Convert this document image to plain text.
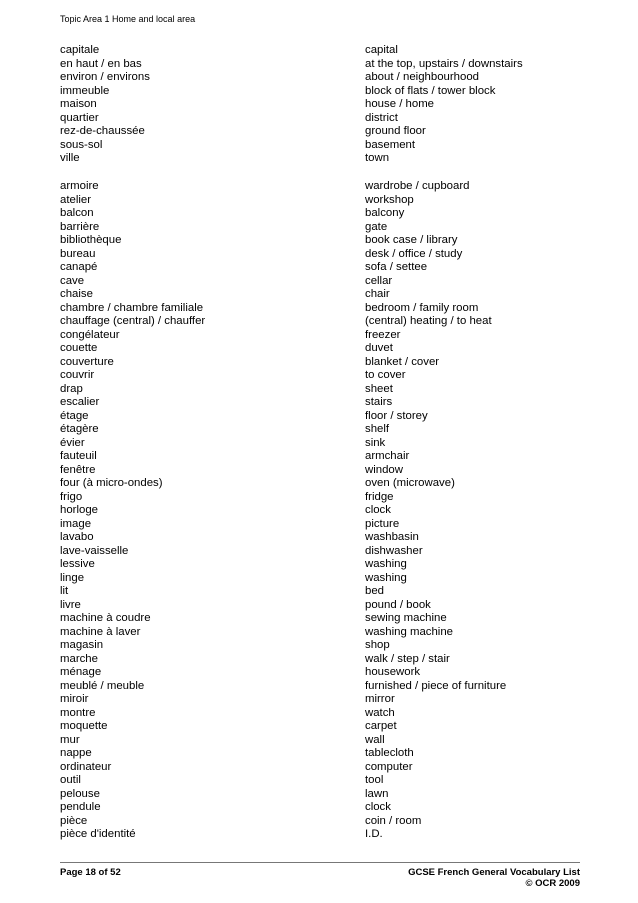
Topic Area 1 Home and local area
capitale	capital
en haut / en bas	at the top, upstairs / downstairs
environ / environs	about / neighbourhood
immeuble	block of flats / tower block
maison	house / home
quartier	district
rez-de-chaussée	ground floor
sous-sol	basement
ville	town
armoire	wardrobe / cupboard
atelier	workshop
balcon	balcony
barrière	gate
bibliothèque	book case / library
bureau	desk / office / study
canapé	sofa / settee
cave	cellar
chaise	chair
chambre / chambre familiale	bedroom / family room
chauffage (central) / chauffer	(central) heating / to heat
congélateur	freezer
couette	duvet
couverture	blanket / cover
couvrir	to cover
drap	sheet
escalier	stairs
étage	floor / storey
étagère	shelf
évier	sink
fauteuil	armchair
fenêtre	window
four (à micro-ondes)	oven (microwave)
frigo	fridge
horloge	clock
image	picture
lavabo	washbasin
lave-vaisselle	dishwasher
lessive	washing
linge	washing
lit	bed
livre	pound / book
machine à coudre	sewing machine
machine à laver	washing machine
magasin	shop
marche	walk / step / stair
ménage	housework
meublé / meuble	furnished / piece of furniture
miroir	mirror
montre	watch
moquette	carpet
mur	wall
nappe	tablecloth
ordinateur	computer
outil	tool
pelouse	lawn
pendule	clock
pièce	coin / room
pièce d'identité	I.D.
Page 18 of 52	GCSE French General Vocabulary List
© OCR 2009
